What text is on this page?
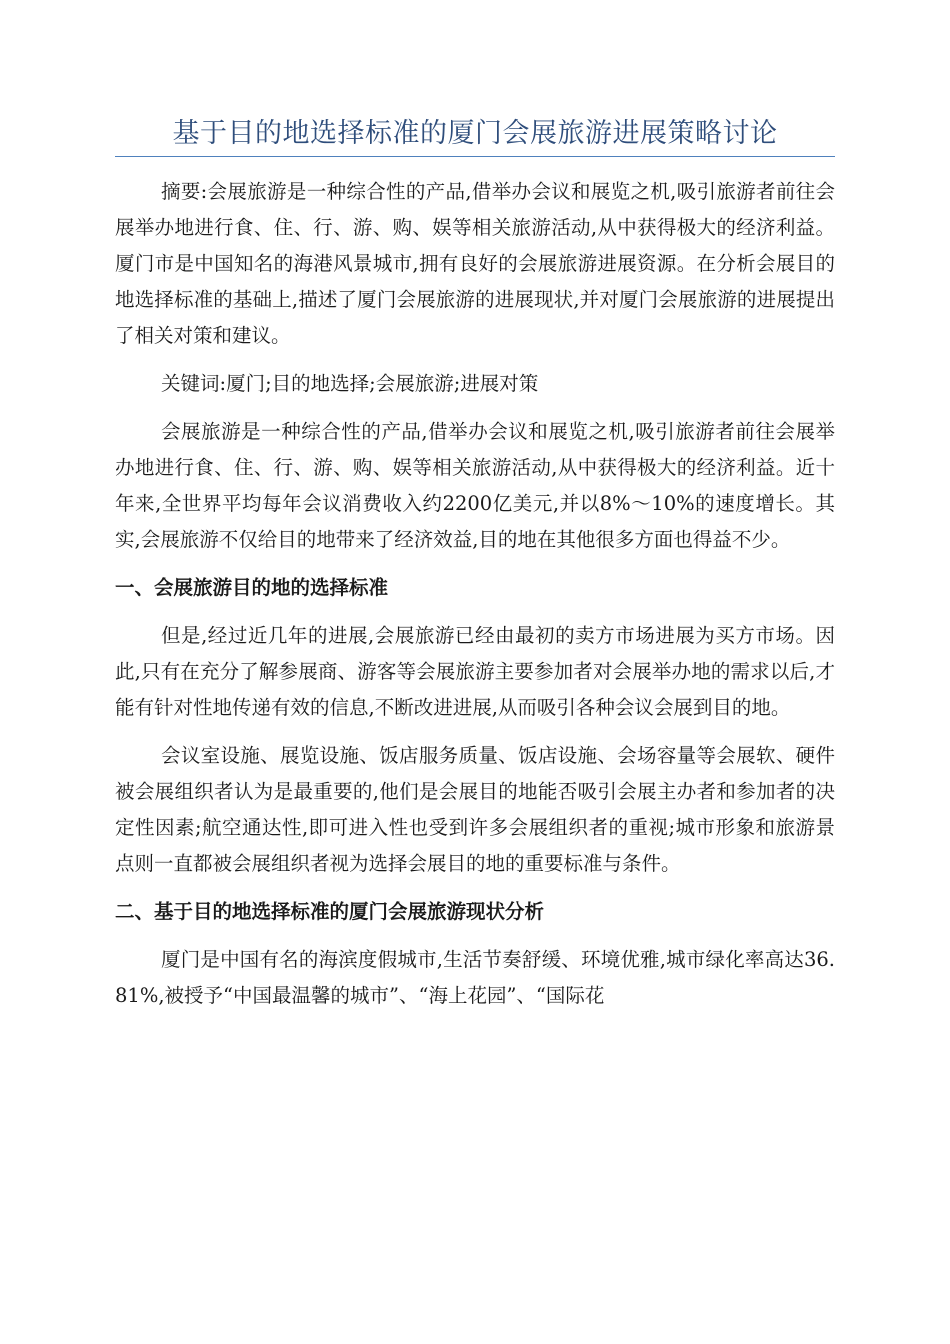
基于目的地选择标准的厦门会展旅游进展策略讨论

摘要:会展旅游是一种综合性的产品,借举办会议和展览之机,吸引旅游者前往会展举办地进行食、住、行、游、购、娱等相关旅游活动,从中获得极大的经济利益。厦门市是中国知名的海港风景城市,拥有良好的会展旅游进展资源。在分析会展目的地选择标准的基础上,描述了厦门会展旅游的进展现状,并对厦门会展旅游的进展提出了相关对策和建议。

关键词:厦门;目的地选择;会展旅游;进展对策

会展旅游是一种综合性的产品,借举办会议和展览之机,吸引旅游者前往会展举办地进行食、住、行、游、购、娱等相关旅游活动,从中获得极大的经济利益。近十年来,全世界平均每年会议消费收入约2200亿美元,并以8%～10%的速度增长。其实,会展旅游不仅给目的地带来了经济效益,目的地在其他很多方面也得益不少。

一、会展旅游目的地的选择标准

但是,经过近几年的进展,会展旅游已经由最初的卖方市场进展为买方市场。因此,只有在充分了解参展商、游客等会展旅游主要参加者对会展举办地的需求以后,才能有针对性地传递有效的信息,不断改进进展,从而吸引各种会议会展到目的地。

会议室设施、展览设施、饭店服务质量、饭店设施、会场容量等会展软、硬件被会展组织者认为是最重要的,他们是会展目的地能否吸引会展主办者和参加者的决定性因素;航空通达性,即可进入性也受到许多会展组织者的重视;城市形象和旅游景点则一直都被会展组织者视为选择会展目的地的重要标准与条件。

二、基于目的地选择标准的厦门会展旅游现状分析

厦门是中国有名的海滨度假城市,生活节奏舒缓、环境优雅,城市绿化率高达36.81%,被授予“中国最温馨的城市”、“海上花园”、“国际花
